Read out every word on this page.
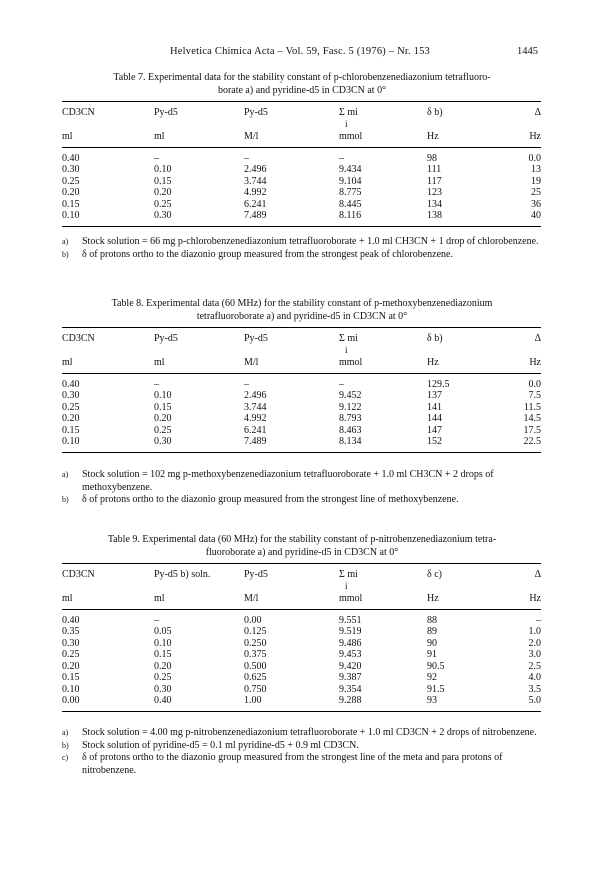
Helvetica Chimica Acta – Vol. 59, Fasc. 5 (1976) – Nr. 153	1445
Table 7. Experimental data for the stability constant of p-chlorobenzenediazonium tetrafluoro-
borate a) and pyridine-d5 in CD3CN at 0°
CD3CN	Py-d5	Py-d5	Σ mi	δ b)	Δ
			i		
ml	ml	M/l	mmol	Hz	Hz
0.40	–	–	–	98	0.0
0.30	0.10	2.496	9.434	111	13
0.25	0.15	3.744	9.104	117	19
0.20	0.20	4.992	8.775	123	25
0.15	0.25	6.241	8.445	134	36
0.10	0.30	7.489	8.116	138	40
a) Stock solution = 66 mg p-chlorobenzenediazonium tetrafluoroborate + 1.0 ml CH3CN + 1 drop of chlorobenzene.
b) δ of protons ortho to the diazonio group measured from the strongest peak of chlorobenzene.
Table 8. Experimental data (60 MHz) for the stability constant of p-methoxybenzenediazonium
tetrafluoroborate a) and pyridine-d5 in CD3CN at 0°
CD3CN	Py-d5	Py-d5	Σ mi	δ b)	Δ
			i		
ml	ml	M/l	mmol	Hz	Hz
0.40	–	–	–	129.5	0.0
0.30	0.10	2.496	9.452	137	7.5
0.25	0.15	3.744	9.122	141	11.5
0.20	0.20	4.992	8.793	144	14.5
0.15	0.25	6.241	8.463	147	17.5
0.10	0.30	7.489	8.134	152	22.5
a) Stock solution = 102 mg p-methoxybenzenediazonium tetrafluoroborate + 1.0 ml CH3CN + 2 drops of methoxybenzene.
b) δ of protons ortho to the diazonio group measured from the strongest line of methoxybenzene.
Table 9. Experimental data (60 MHz) for the stability constant of p-nitrobenzenediazonium tetra-
fluoroborate a) and pyridine-d5 in CD3CN at 0°
CD3CN	Py-d5 b) soln.	Py-d5	Σ mi	δ c)	Δ
			i		
ml	ml	M/l	mmol	Hz	Hz
0.40	–	0.00	9.551	88	–
0.35	0.05	0.125	9.519	89	1.0
0.30	0.10	0.250	9.486	90	2.0
0.25	0.15	0.375	9.453	91	3.0
0.20	0.20	0.500	9.420	90.5	2.5
0.15	0.25	0.625	9.387	92	4.0
0.10	0.30	0.750	9.354	91.5	3.5
0.00	0.40	1.00	9.288	93	5.0
a) Stock solution = 4.00 mg p-nitrobenzenediazonium tetrafluoroborate + 1.0 ml CD3CN + 2 drops of nitrobenzene.
b) Stock solution of pyridine-d5 = 0.1 ml pyridine-d5 + 0.9 ml CD3CN.
c) δ of protons ortho to the diazonio group measured from the strongest line of the meta and para protons of nitrobenzene.
